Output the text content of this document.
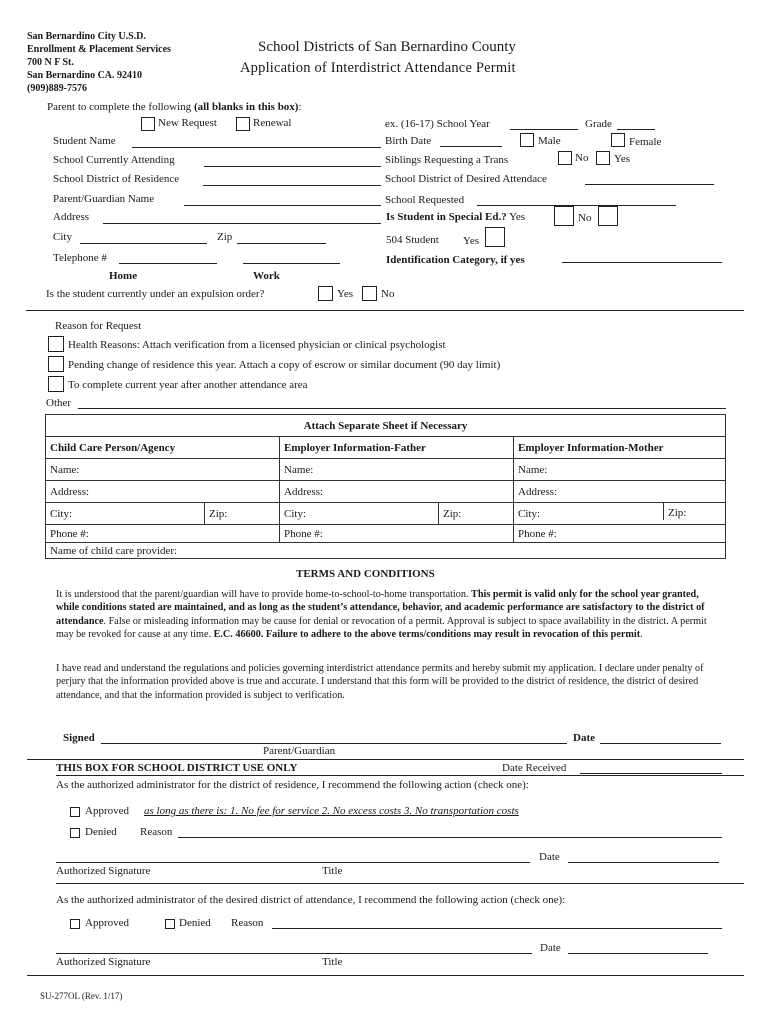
San Bernardino City U.S.D.
Enrollment & Placement Services
700 N F St.
San Bernardino CA. 92410
(909)889-7576
School Districts of San Bernardino County
Application of Interdistrict Attendance Permit
Parent to complete the following (all blanks in this box):
New Request	Renewal
Student Name
School Currently Attending
School District of Residence
Parent/Guardian Name
Address
City	Zip
Telephone #
Home	Work
Is the student currently under an expulsion order?	Yes	No
ex. (16-17) School Year	Grade
Birth Date	Male	Female
Siblings Requesting a Trans	No Yes
School District of Desired Attendace
School Requested
Is Student in Special Ed.? Yes	No
504 Student Yes
Identification Category, if yes
Reason for Request
Health Reasons: Attach verification from a licensed physician or clinical psychologist
Pending change of residence this year. Attach a copy of escrow or similar document (90 day limit)
To complete current year after another attendance area
Other
Attach Separate Sheet if Necessary				
Child Care Person/Agency		Employer Information-Father		Employer Information-Mother
Name:		Name:		Name:
Address:		Address:		Address:
City:	Zip:	City:	Zip:	City: Zip:

Phone #:		Phone #:		Phone #:
Name of child care provider:				
TERMS AND CONDITIONS
It is understood that the parent/guardian will have to provide home-to-school-to-home transportation. This permit is valid only for the school year granted, while conditions stated are maintained, and as long as the student’s attendance, behavior, and academic performance are satisfactory to the district of attendance. False or misleading information may be cause for denial or revocation of a permit. Approval is subject to space availability in the district. A permit may be revoked for cause at any time. E.C. 46600. Failure to adhere to the above terms/conditions may result in revocation of this permit.
I have read and understand the regulations and policies governing interdistrict attendance permits and hereby submit my application. I declare under penalty of perjury that the information provided above is true and accurate. I understand that this form will be provided to the district of residence, the district of desired attendance, and that the information provided is subject to verification.
Signed	Date
Parent/Guardian
THIS BOX FOR SCHOOL DISTRICT USE ONLY	Date Received
As the authorized administrator for the district of residence, I recommend the following action (check one):
Approved as long as there is: 1. No fee for service 2. No excess costs 3. No transportation costs
Denied Reason
Date
Authorized Signature	Title
As the authorized administrator of the desired district of attendance, I recommend the following action (check one):
Approved	Denied Reason
Date
Authorized Signature	Title
SU-277OL (Rev. 1/17)
